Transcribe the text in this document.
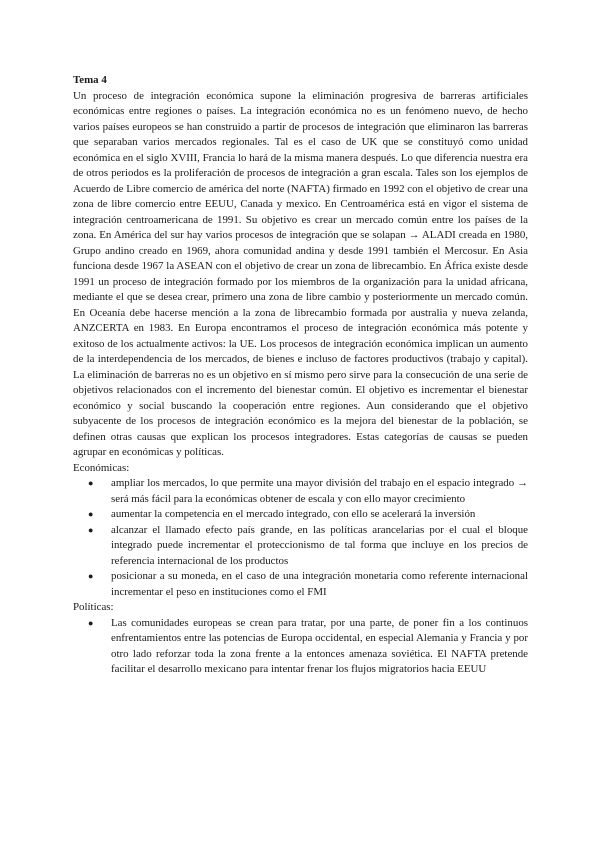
Tema 4

Un proceso de integración económica supone la eliminación progresiva de barreras artificiales económicas entre regiones o países. La integración económica no es un fenómeno nuevo, de hecho varios países europeos se han construido a partir de procesos de integración que eliminaron las barreras que separaban varios mercados regionales. Tal es el caso de UK que se constituyó como unidad económica en el siglo XVIII, Francia lo hará de la misma manera después. Lo que diferencia nuestra era de otros periodos es la proliferación de procesos de integración a gran escala. Tales son los ejemplos de Acuerdo de Libre comercio de américa del norte (NAFTA) firmado en 1992 con el objetivo de crear una zona de libre comercio entre EEUU, Canada y mexico. En Centroamérica está en vigor el sistema de integración centroamericana de 1991. Su objetivo es crear un mercado común entre los países de la zona. En América del sur hay varios procesos de integración que se solapan → ALADI creada en 1980, Grupo andino creado en 1969, ahora comunidad andina y desde 1991 también el Mercosur. En Asia funciona desde 1967 la ASEAN con el objetivo de crear un zona de librecambio. En África existe desde 1991 un proceso de integración formado por los miembros de la organización para la unidad africana, mediante el que se desea crear, primero una zona de libre cambio y posteriormente un mercado común. En Oceanía debe hacerse mención a la zona de librecambio formada por australia y nueva zelanda, ANZCERTA en 1983. En Europa encontramos el proceso de integración económica más potente y exitoso de los actualmente activos: la UE. Los procesos de integración económica implican un aumento de la interdependencia de los mercados, de bienes e incluso de factores productivos (trabajo y capital). La eliminación de barreras no es un objetivo en sí mismo pero sirve para la consecución de una serie de objetivos relacionados con el incremento del bienestar común. El objetivo es incrementar el bienestar económico y social buscando la cooperación entre regiones. Aun considerando que el objetivo subyacente de los procesos de integración económico es la mejora del bienestar de la población, se definen otras causas que explican los procesos integradores. Estas categorías de causas se pueden agrupar en económicas y políticas.

Económicas:

● ampliar los mercados, lo que permite una mayor división del trabajo en el espacio integrado → será más fácil para la económicas obtener de escala y con ello mayor crecimiento
● aumentar la competencia en el mercado integrado, con ello se acelerará la inversión
● alcanzar el llamado efecto país grande, en las políticas arancelarias por el cual el bloque integrado puede incrementar el proteccionismo de tal forma que incluye en los precios de referencia internacional de los productos
● posicionar a su moneda, en el caso de una integración monetaria como referente internacional incrementar el peso en instituciones como el FMI

Políticas:

● Las comunidades europeas se crean para tratar, por una parte, de poner fin a los continuos enfrentamientos entre las potencias de Europa occidental, en especial Alemania y Francia y por otro lado reforzar toda la zona frente a la entonces amenaza soviética. El NAFTA pretende facilitar el desarrollo mexicano para intentar frenar los flujos migratorios hacia EEUU
